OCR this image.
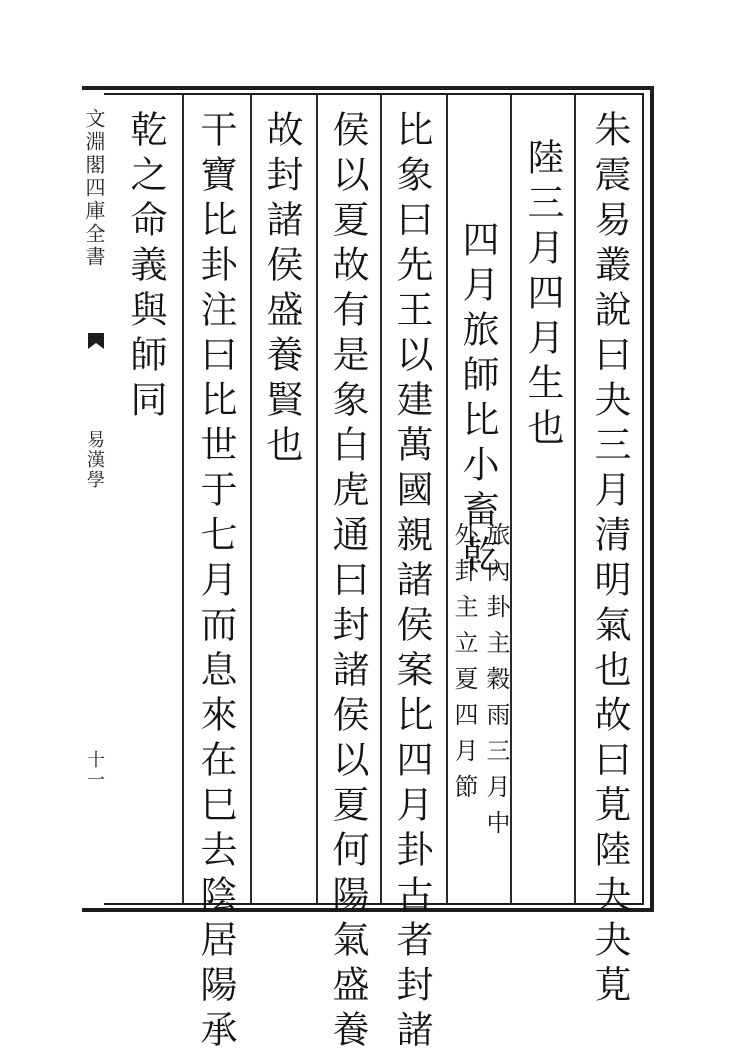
文淵閣四庫全書
易漢學
十一	朱震易叢說曰夬三月清明氣也故曰莧陸夬夬莧
陸三月四月生也
四月旅師比小畜乾
旅內卦主穀雨三月中
外卦主立夏四月節
比象曰先王以建萬國親諸侯案比四月卦古者封諸
侯以夏故有是象白虎通曰封諸侯以夏何陽氣盛養
故封諸侯盛養賢也
干寶比卦注曰比世于七月而息來在巳去陰居陽承
乾之命義與師同
